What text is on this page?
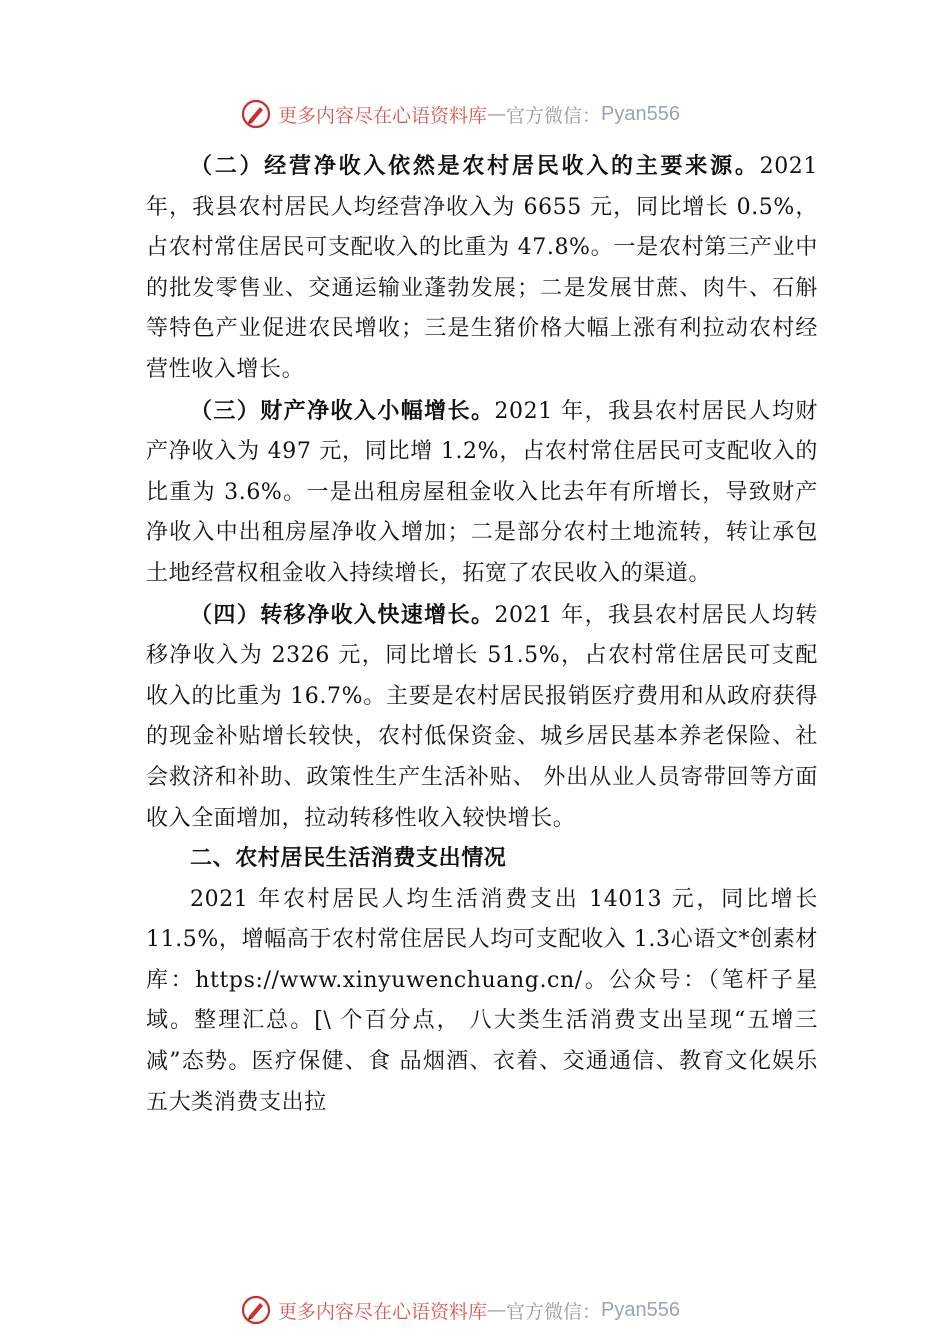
更多内容尽在心语资料库 — 官方微信： Pyan556

（二）经营净收入依然是农村居民收入的主要来源。2021 年，我县农村居民人均经营净收入为 6655 元，同比增长 0.5%，占农村常住居民可支配收入的比重为 47.8%。一是农村第三产业中的批发零售业、交通运输业蓬勃发展；二是发展甘蔗、肉牛、石斛等特色产业促进农民增收；三是生猪价格大幅上涨有利拉动农村经营性收入增长。

（三）财产净收入小幅增长。2021 年，我县农村居民人均财产净收入为 497 元，同比增 1.2%，占农村常住居民可支配收入的比重为 3.6%。一是出租房屋租金收入比去年有所增长，导致财产净收入中出租房屋净收入增加；二是部分农村土地流转，转让承包土地经营权租金收入持续增长，拓宽了农民收入的渠道。

（四）转移净收入快速增长。2021 年，我县农村居民人均转移净收入为 2326 元，同比增长 51.5%，占农村常住居民可支配收入的比重为 16.7%。主要是农村居民报销医疗费用和从政府获得的现金补贴增长较快，农村低保资金、城乡居民基本养老保险、社会救济和补助、政策性生产生活补贴、 外出从业人员寄带回等方面收入全面增加，拉动转移性收入较快增长。

二、农村居民生活消费支出情况

2021 年农村居民人均生活消费支出 14013 元，同比增长 11.5%，增幅高于农村常住居民人均可支配收入 1.3心语文*创素材库：https://www.xinyuwenchuang.cn/。公众号：（笔杆子星域。整理汇总。[\ 个百分点， 八大类生活消费支出呈现“五增三减”态势。医疗保健、食 品烟酒、衣着、交通通信、教育文化娱乐五大类消费支出拉

更多内容尽在心语资料库 — 官方微信： Pyan556
